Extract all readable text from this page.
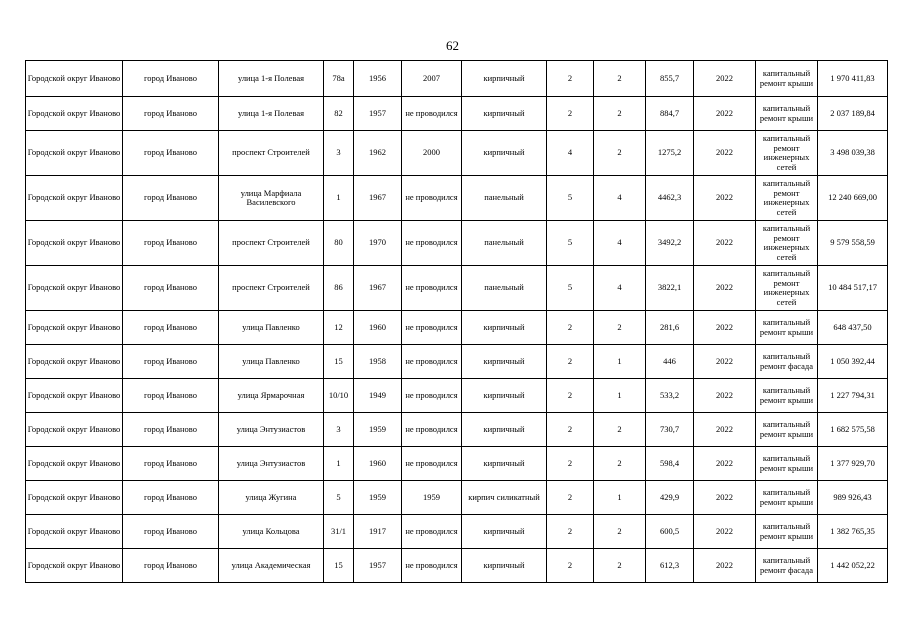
62
Городской округ Иваново	город Иваново	улица 1-я Полевая	78а	1956	2007	кирпичный	2	2	855,7	2022	капитальный ремонт крыши	1 970 411,83
Городской округ Иваново	город Иваново	улица 1-я Полевая	82	1957	не проводился	кирпичный	2	2	884,7	2022	капитальный ремонт крыши	2 037 189,84
Городской округ Иваново	город Иваново	проспект Строителей	3	1962	2000	кирпичный	4	2	1275,2	2022	капитальный ремонт инженерных сетей	3 498 039,38
Городской округ Иваново	город Иваново	улица Марфиала Василевского	1	1967	не проводился	панельный	5	4	4462,3	2022	капитальный ремонт инженерных сетей	12 240 669,00
Городской округ Иваново	город Иваново	проспект Строителей	80	1970	не проводился	панельный	5	4	3492,2	2022	капитальный ремонт инженерных сетей	9 579 558,59
Городской округ Иваново	город Иваново	проспект Строителей	86	1967	не проводился	панельный	5	4	3822,1	2022	капитальный ремонт инженерных сетей	10 484 517,17
Городской округ Иваново	город Иваново	улица Павленко	12	1960	не проводился	кирпичный	2	2	281,6	2022	капитальный ремонт крыши	648 437,50
Городской округ Иваново	город Иваново	улица Павленко	15	1958	не проводился	кирпичный	2	1	446	2022	капитальный ремонт фасада	1 050 392,44
Городской округ Иваново	город Иваново	улица Ярмарочная	10/10	1949	не проводился	кирпичный	2	1	533,2	2022	капитальный ремонт крыши	1 227 794,31
Городской округ Иваново	город Иваново	улица Энтузиастов	3	1959	не проводился	кирпичный	2	2	730,7	2022	капитальный ремонт крыши	1 682 575,58
Городской округ Иваново	город Иваново	улица Энтузиастов	1	1960	не проводился	кирпичный	2	2	598,4	2022	капитальный ремонт крыши	1 377 929,70
Городской округ Иваново	город Иваново	улица Жугина	5	1959	1959	кирпич силикатный	2	1	429,9	2022	капитальный ремонт крыши	989 926,43
Городской округ Иваново	город Иваново	улица Кольцова	31/1	1917	не проводился	кирпичный	2	2	600,5	2022	капитальный ремонт крыши	1 382 765,35
Городской округ Иваново	город Иваново	улица Академическая	15	1957	не проводился	кирпичный	2	2	612,3	2022	капитальный ремонт фасада	1 442 052,22
